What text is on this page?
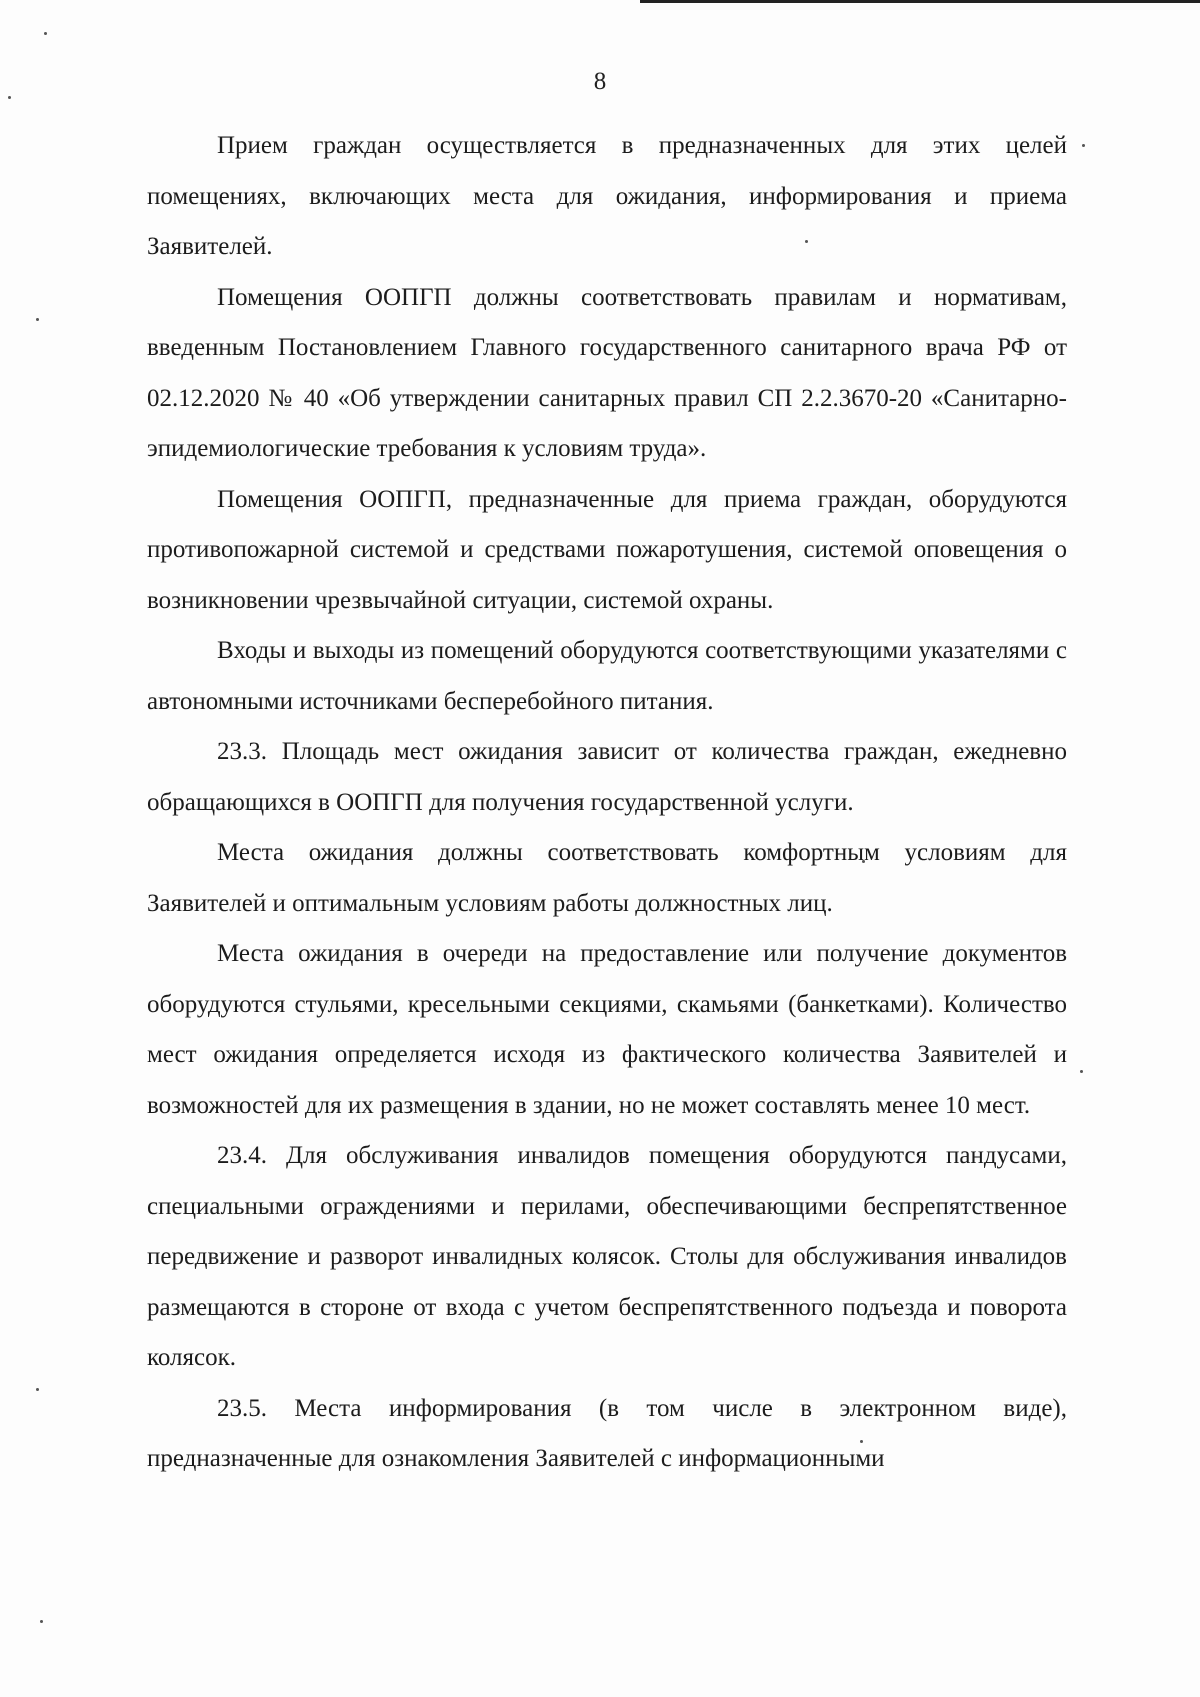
8

Прием граждан осуществляется в предназначенных для этих целей помещениях, включающих места для ожидания, информирования и приема Заявителей.

Помещения ООПГП должны соответствовать правилам и нормативам, введенным Постановлением Главного государственного санитарного врача РФ от 02.12.2020 № 40 «Об утверждении санитарных правил СП 2.2.3670-20 «Санитарно-эпидемиологические требования к условиям труда».

Помещения ООПГП, предназначенные для приема граждан, оборудуются противопожарной системой и средствами пожаротушения, системой оповещения о возникновении чрезвычайной ситуации, системой охраны.

Входы и выходы из помещений оборудуются соответствующими указателями с автономными источниками бесперебойного питания.

23.3. Площадь мест ожидания зависит от количества граждан, ежедневно обращающихся в ООПГП для получения государственной услуги.

Места ожидания должны соответствовать комфортным условиям для Заявителей и оптимальным условиям работы должностных лиц.

Места ожидания в очереди на предоставление или получение документов оборудуются стульями, кресельными секциями, скамьями (банкетками). Количество мест ожидания определяется исходя из фактического количества Заявителей и возможностей для их размещения в здании, но не может составлять менее 10 мест.

23.4. Для обслуживания инвалидов помещения оборудуются пандусами, специальными ограждениями и перилами, обеспечивающими беспрепятственное передвижение и разворот инвалидных колясок. Столы для обслуживания инвалидов размещаются в стороне от входа с учетом беспрепятственного подъезда и поворота колясок.

23.5. Места информирования (в том числе в электронном виде), предназначенные для ознакомления Заявителей с информационными
